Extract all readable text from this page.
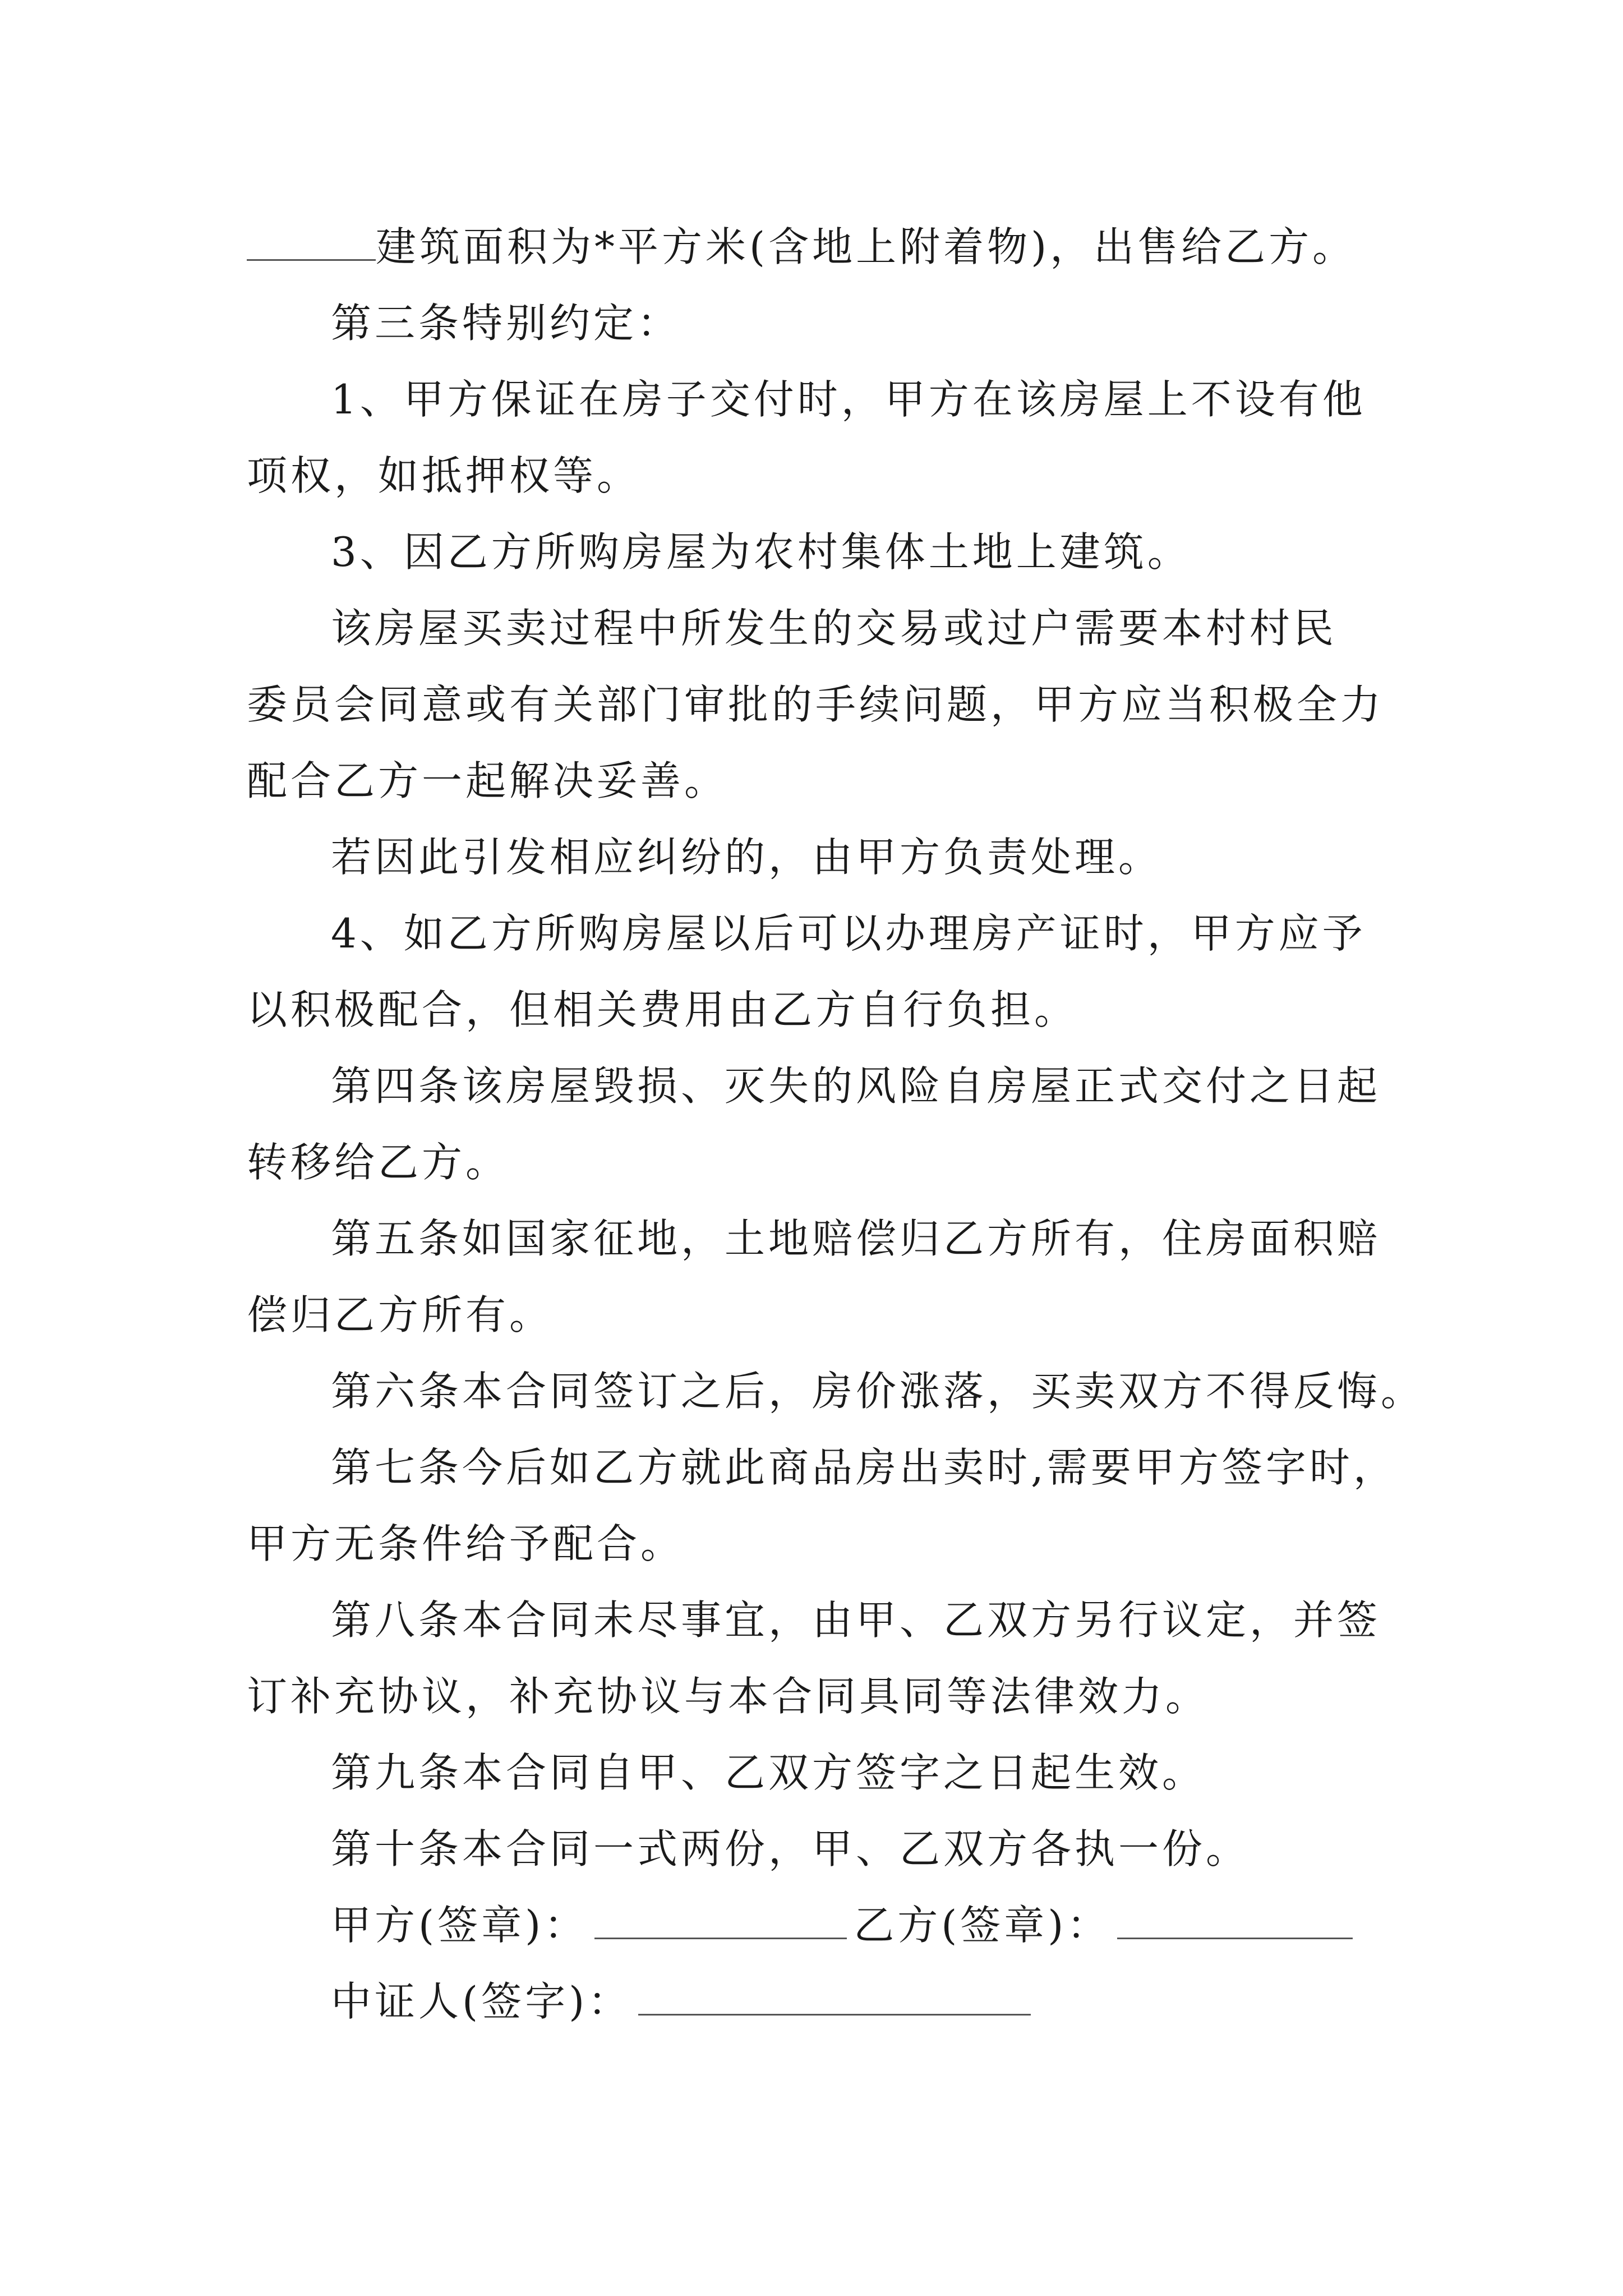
建筑面积为*平方米(含地上附着物)，出售给乙方。
第三条特别约定：
1、甲方保证在房子交付时，甲方在该房屋上不设有他
项权，如抵押权等。
3、因乙方所购房屋为农村集体土地上建筑。
该房屋买卖过程中所发生的交易或过户需要本村村民
委员会同意或有关部门审批的手续问题，甲方应当积极全力
配合乙方一起解决妥善。
若因此引发相应纠纷的，由甲方负责处理。
4、如乙方所购房屋以后可以办理房产证时，甲方应予
以积极配合，但相关费用由乙方自行负担。
第四条该房屋毁损、灭失的风险自房屋正式交付之日起
转移给乙方。
第五条如国家征地，土地赔偿归乙方所有，住房面积赔
偿归乙方所有。
第六条本合同签订之后，房价涨落，买卖双方不得反悔。
第七条今后如乙方就此商品房出卖时,需要甲方签字时，
甲方无条件给予配合。
第八条本合同未尽事宜，由甲、乙双方另行议定，并签
订补充协议，补充协议与本合同具同等法律效力。
第九条本合同自甲、乙双方签字之日起生效。
第十条本合同一式两份，甲、乙双方各执一份。
甲方(签章)：	乙方(签章)：
中证人(签字)：
